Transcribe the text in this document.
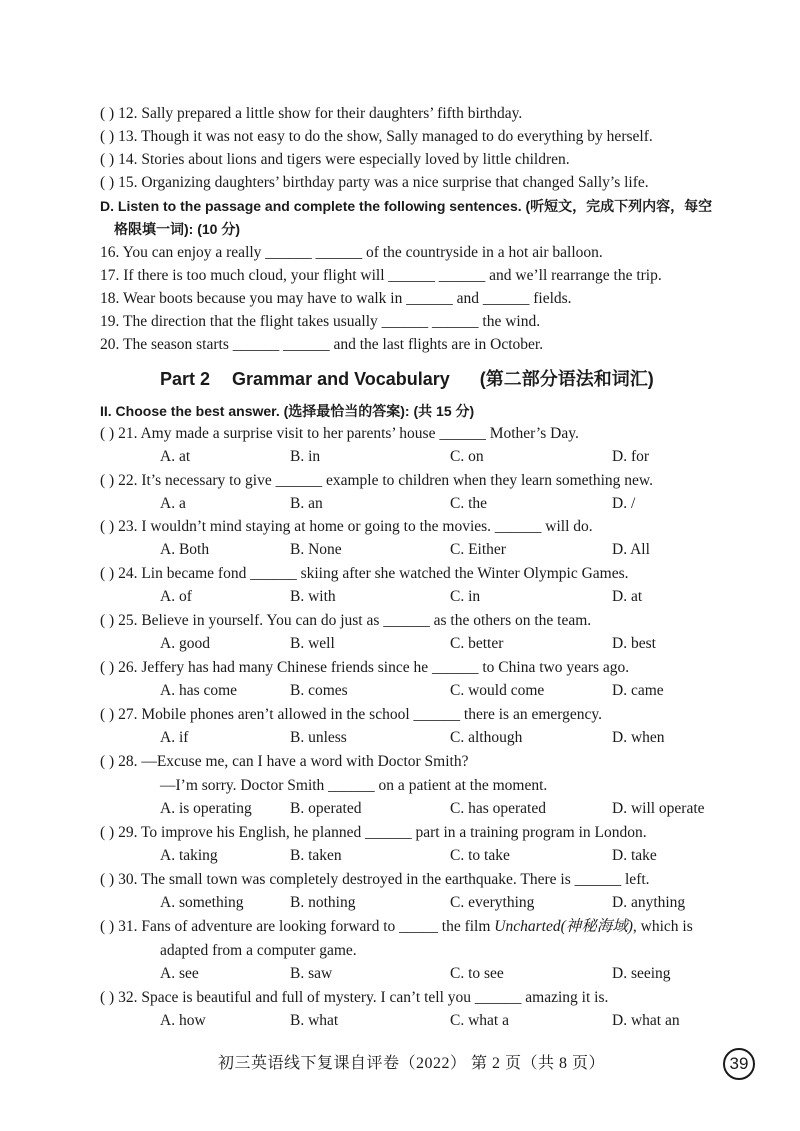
( ) 12. Sally prepared a little show for their daughters’ fifth birthday.
( ) 13. Though it was not easy to do the show, Sally managed to do everything by herself.
( ) 14. Stories about lions and tigers were especially loved by little children.
( ) 15. Organizing daughters’ birthday party was a nice surprise that changed Sally’s life.
D. Listen to the passage and complete the following sentences. (听短文，完成下列内容，每空
格限填一词): (10 分)
16. You can enjoy a really ______ ______ of the countryside in a hot air balloon.
17. If there is too much cloud, your flight will ______ ______ and we’ll rearrange the trip.
18. Wear boots because you may have to walk in ______ and ______ fields.
19. The direction that the flight takes usually ______ ______ the wind.
20. The season starts ______ ______ and the last flights are in October.
Part 2 Grammar and Vocabulary (第二部分语法和词汇)
II. Choose the best answer. (选择最恰当的答案): (共 15 分)
( ) 21. Amy made a surprise visit to her parents’ house ______ Mother’s Day.
A. at	B. in	C. on	D. for
( ) 22. It’s necessary to give ______ example to children when they learn something new.
A. a	B. an	C. the	D. /
( ) 23. I wouldn’t mind staying at home or going to the movies. ______ will do.
A. Both	B. None	C. Either	D. All
( ) 24. Lin became fond ______ skiing after she watched the Winter Olympic Games.
A. of	B. with	C. in	D. at
( ) 25. Believe in yourself. You can do just as ______ as the others on the team.
A. good	B. well	C. better	D. best
( ) 26. Jeffery has had many Chinese friends since he ______ to China two years ago.
A. has come	B. comes	C. would come	D. came
( ) 27. Mobile phones aren’t allowed in the school ______ there is an emergency.
A. if	B. unless	C. although	D. when
( ) 28. —Excuse me, can I have a word with Doctor Smith?
—I’m sorry. Doctor Smith ______ on a patient at the moment.
A. is operating B. operated	C. has operated	D. will operate
( ) 29. To improve his English, he planned ______ part in a training program in London.
A. taking	B. taken	C. to take	D. take
( ) 30. The small town was completely destroyed in the earthquake. There is ______ left.
A. something	B. nothing	C. everything	D. anything
( ) 31. Fans of adventure are looking forward to _____ the film Uncharted(神秘海域), which is
adapted from a computer game.
A. see	B. saw	C. to see	D. seeing
( ) 32. Space is beautiful and full of mystery. I can’t tell you ______ amazing it is.
A. how	B. what	C. what a	D. what an
初三英语线下复课自评卷（2022） 第 2 页（共 8 页）	39
